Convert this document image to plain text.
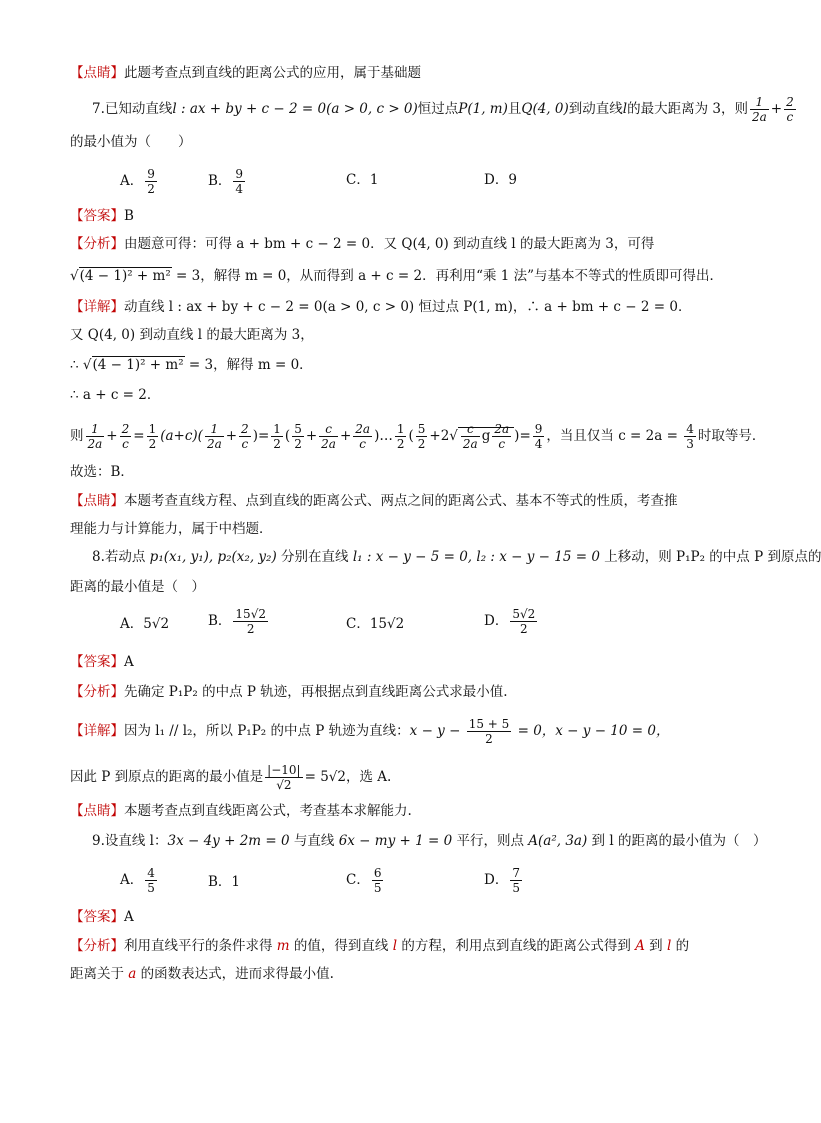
【点睛】此题考查点到直线的距离公式的应用，属于基础题
7.已知动直线l : ax + by + c − 2 = 0(a > 0, c > 0)恒过点P(1, m)且Q(4, 0)到动直线l的最大距离为 3，则 $\frac{1}{2a} + \frac{2}{c}$
的最小值为（　　）
A． $\frac{9}{2}$	B． $\frac{9}{4}$	C．1	D．9
【答案】B
【分析】由题意可得：可得 a + bm + c − 2 = 0．又 Q(4, 0) 到动直线 l 的最大距离为 3，可得
√(4 − 1)² + m² = 3，解得 m = 0，从而得到 a + c = 2．再利用“乘 1 法”与基本不等式的性质即可得出．
【详解】动直线 l : ax + by + c − 2 = 0(a > 0, c > 0) 恒过点 P(1, m)，∴ a + bm + c − 2 = 0．
又 Q(4, 0) 到动直线 l 的最大距离为 3，
∴ √(4 − 1)² + m² = 3，解得 m = 0．
∴ a + c = 2．
则 $\frac{1}{2a} + \frac{2}{c} = \frac{1}{2} (a+c)( \frac{1}{2a} + \frac{2}{c}$ )= $\frac{1}{2}$ ( $\frac{5}{2} + \frac{c}{2a} + \frac{2a}{c}$ )… $\frac{1}{2}$ ( $\frac{5}{2} +2√ \frac{c}{2a}$ g $\frac{2a}{c}$ )= $\frac{9}{4}$ ，当且仅当 $c = 2a = \frac{4}{3}$ 时取等号．
故选：B．
【点睛】本题考查直线方程、点到直线的距离公式、两点之间的距离公式、基本不等式的性质，考查推
理能力与计算能力，属于中档题．
8.若动点 p₁(x₁, y₁), p₂(x₂, y₂) 分别在直线 l₁ : x − y − 5 = 0, l₂ : x − y − 15 = 0 上移动，则 P₁P₂ 的中点 P 到原点的
距离的最小值是（　）
A．5√2	B． $\frac{15√2}{2}$	C．15√2	D． $\frac{5√2}{2}$
【答案】A
【分析】先确定 P₁P₂ 的中点 P 轨迹，再根据点到直线距离公式求最小值.
【详解】因为 l₁ // l₂，所以 P₁P₂ 的中点 P 轨迹为直线：$x - y - \frac{15 + 5}{2} = 0$，x − y − 10 = 0，
因此 P 到原点的距离的最小值是 $\frac{|-10|}{√2} = 5√2$，选 A.
【点睛】本题考查点到直线距离公式，考查基本求解能力.
9.设直线 l：3x − 4y + 2m = 0 与直线 6x − my + 1 = 0 平行，则点 A(a², 3a) 到 l 的距离的最小值为（　）
A． $\frac{4}{5}$	B．1	C． $\frac{6}{5}$	D． $\frac{7}{5}$
【答案】A
【分析】利用直线平行的条件求得 m 的值，得到直线 l 的方程，利用点到直线的距离公式得到 A 到 l 的
距离关于 a 的函数表达式，进而求得最小值.
